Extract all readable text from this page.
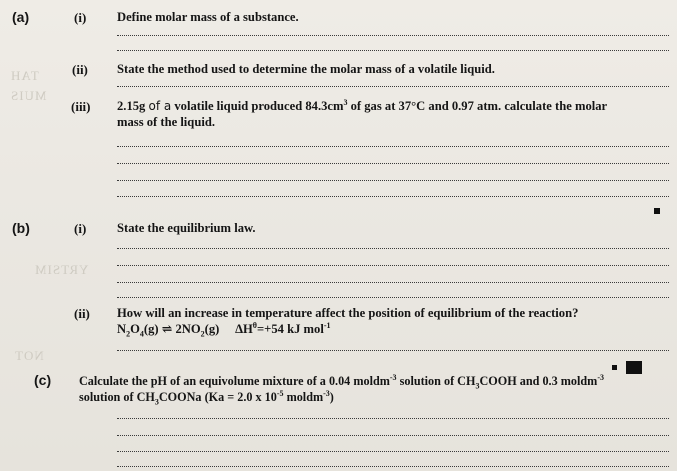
TAH
MUIS
YRTSIM
NOT
(a)	(i) Define molar mass of a substance.
(ii) State the method used to determine the molar mass of a volatile liquid.
(iii) 2.15g of a volatile liquid produced $84.3cm^3$ of gas at 37°C and 0.97 atm. calculate the molar
mass of the liquid.
(b)	(i) State the equilibrium law.
(ii) How will an increase in temperature affect the position of equilibrium of the reaction?
$N_2O_4(g)$ ⇌ $2NO_2(g)$ $\Delta H^\theta=+54$ kJ mol$^{-1}$
(c) Calculate the pH of an equivolume mixture of a 0.04 moldm$^{-3}$ solution of $CH_3COOH$ and 0.3 moldm$^{-3}$
solution of $CH_3COONa$ (Ka = 2.0 x $10^{-5}$ moldm$^{-3}$)
